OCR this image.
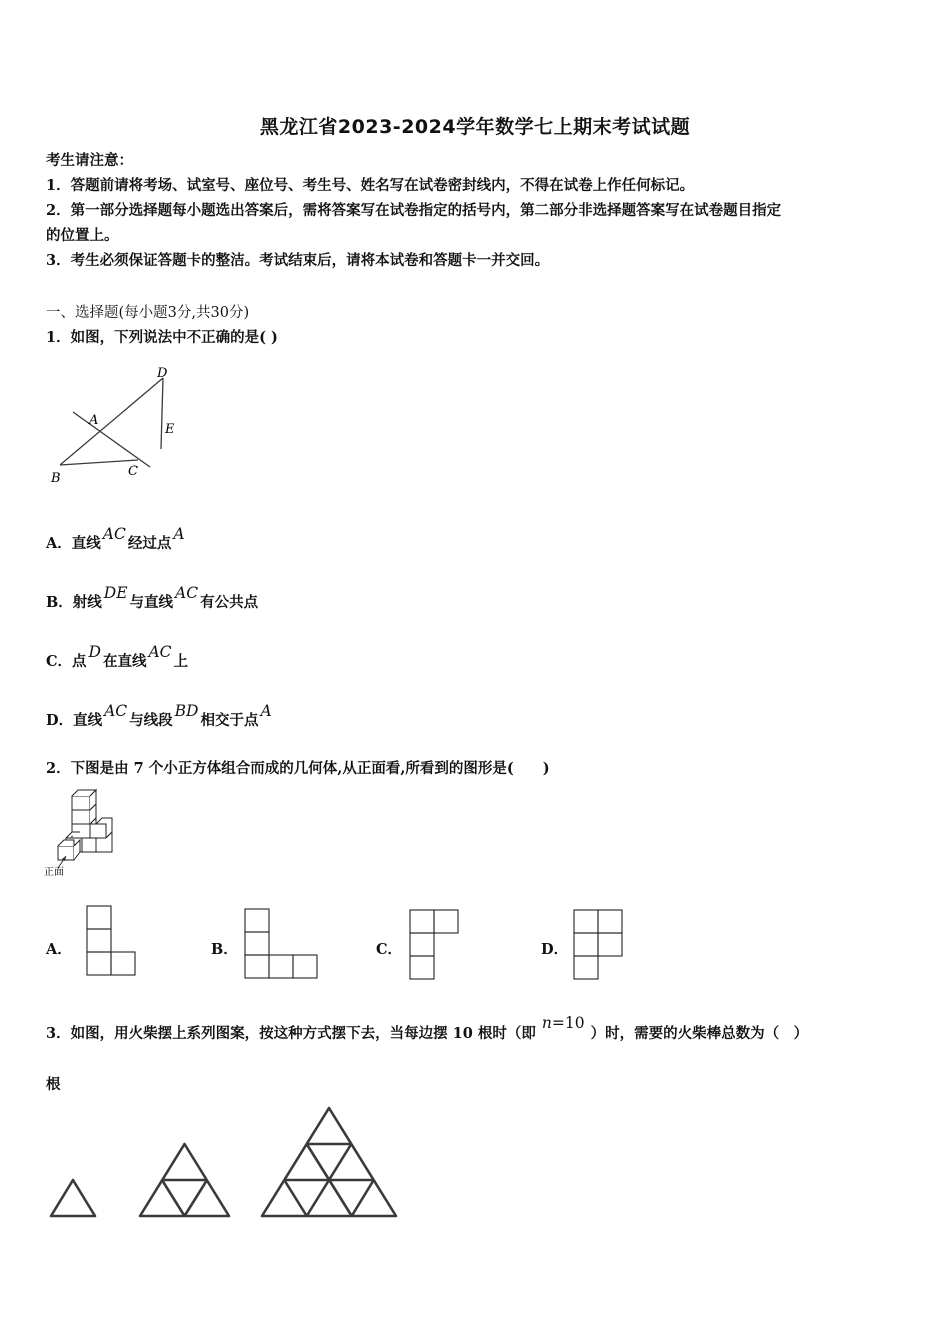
黑龙江省2023-2024学年数学七上期末考试试题
考生请注意：
1．答题前请将考场、试室号、座位号、考生号、姓名写在试卷密封线内，不得在试卷上作任何标记。
2．第一部分选择题每小题选出答案后，需将答案写在试卷指定的括号内，第二部分非选择题答案写在试卷题目指定
的位置上。
3．考生必须保证答题卡的整洁。考试结束后，请将本试卷和答题卡一并交回。
一、选择题(每小题3分,共30分)
1．如图，下列说法中不正确的是( )
D
A
E
B	C
A．直线AC经过点A
B．射线DE与直线AC有公共点
C．点D在直线AC上
D．直线AC与线段BD相交于点A
2．下图是由 7 个小正方体组合而成的几何体,从正面看,所看到的图形是(　　)
正面
A．	B．	C．	D．
3．如图，用火柴摆上系列图案，按这种方式摆下去，当每边摆 10 根时（即n=10）时，需要的火柴棒总数为（　）
根
